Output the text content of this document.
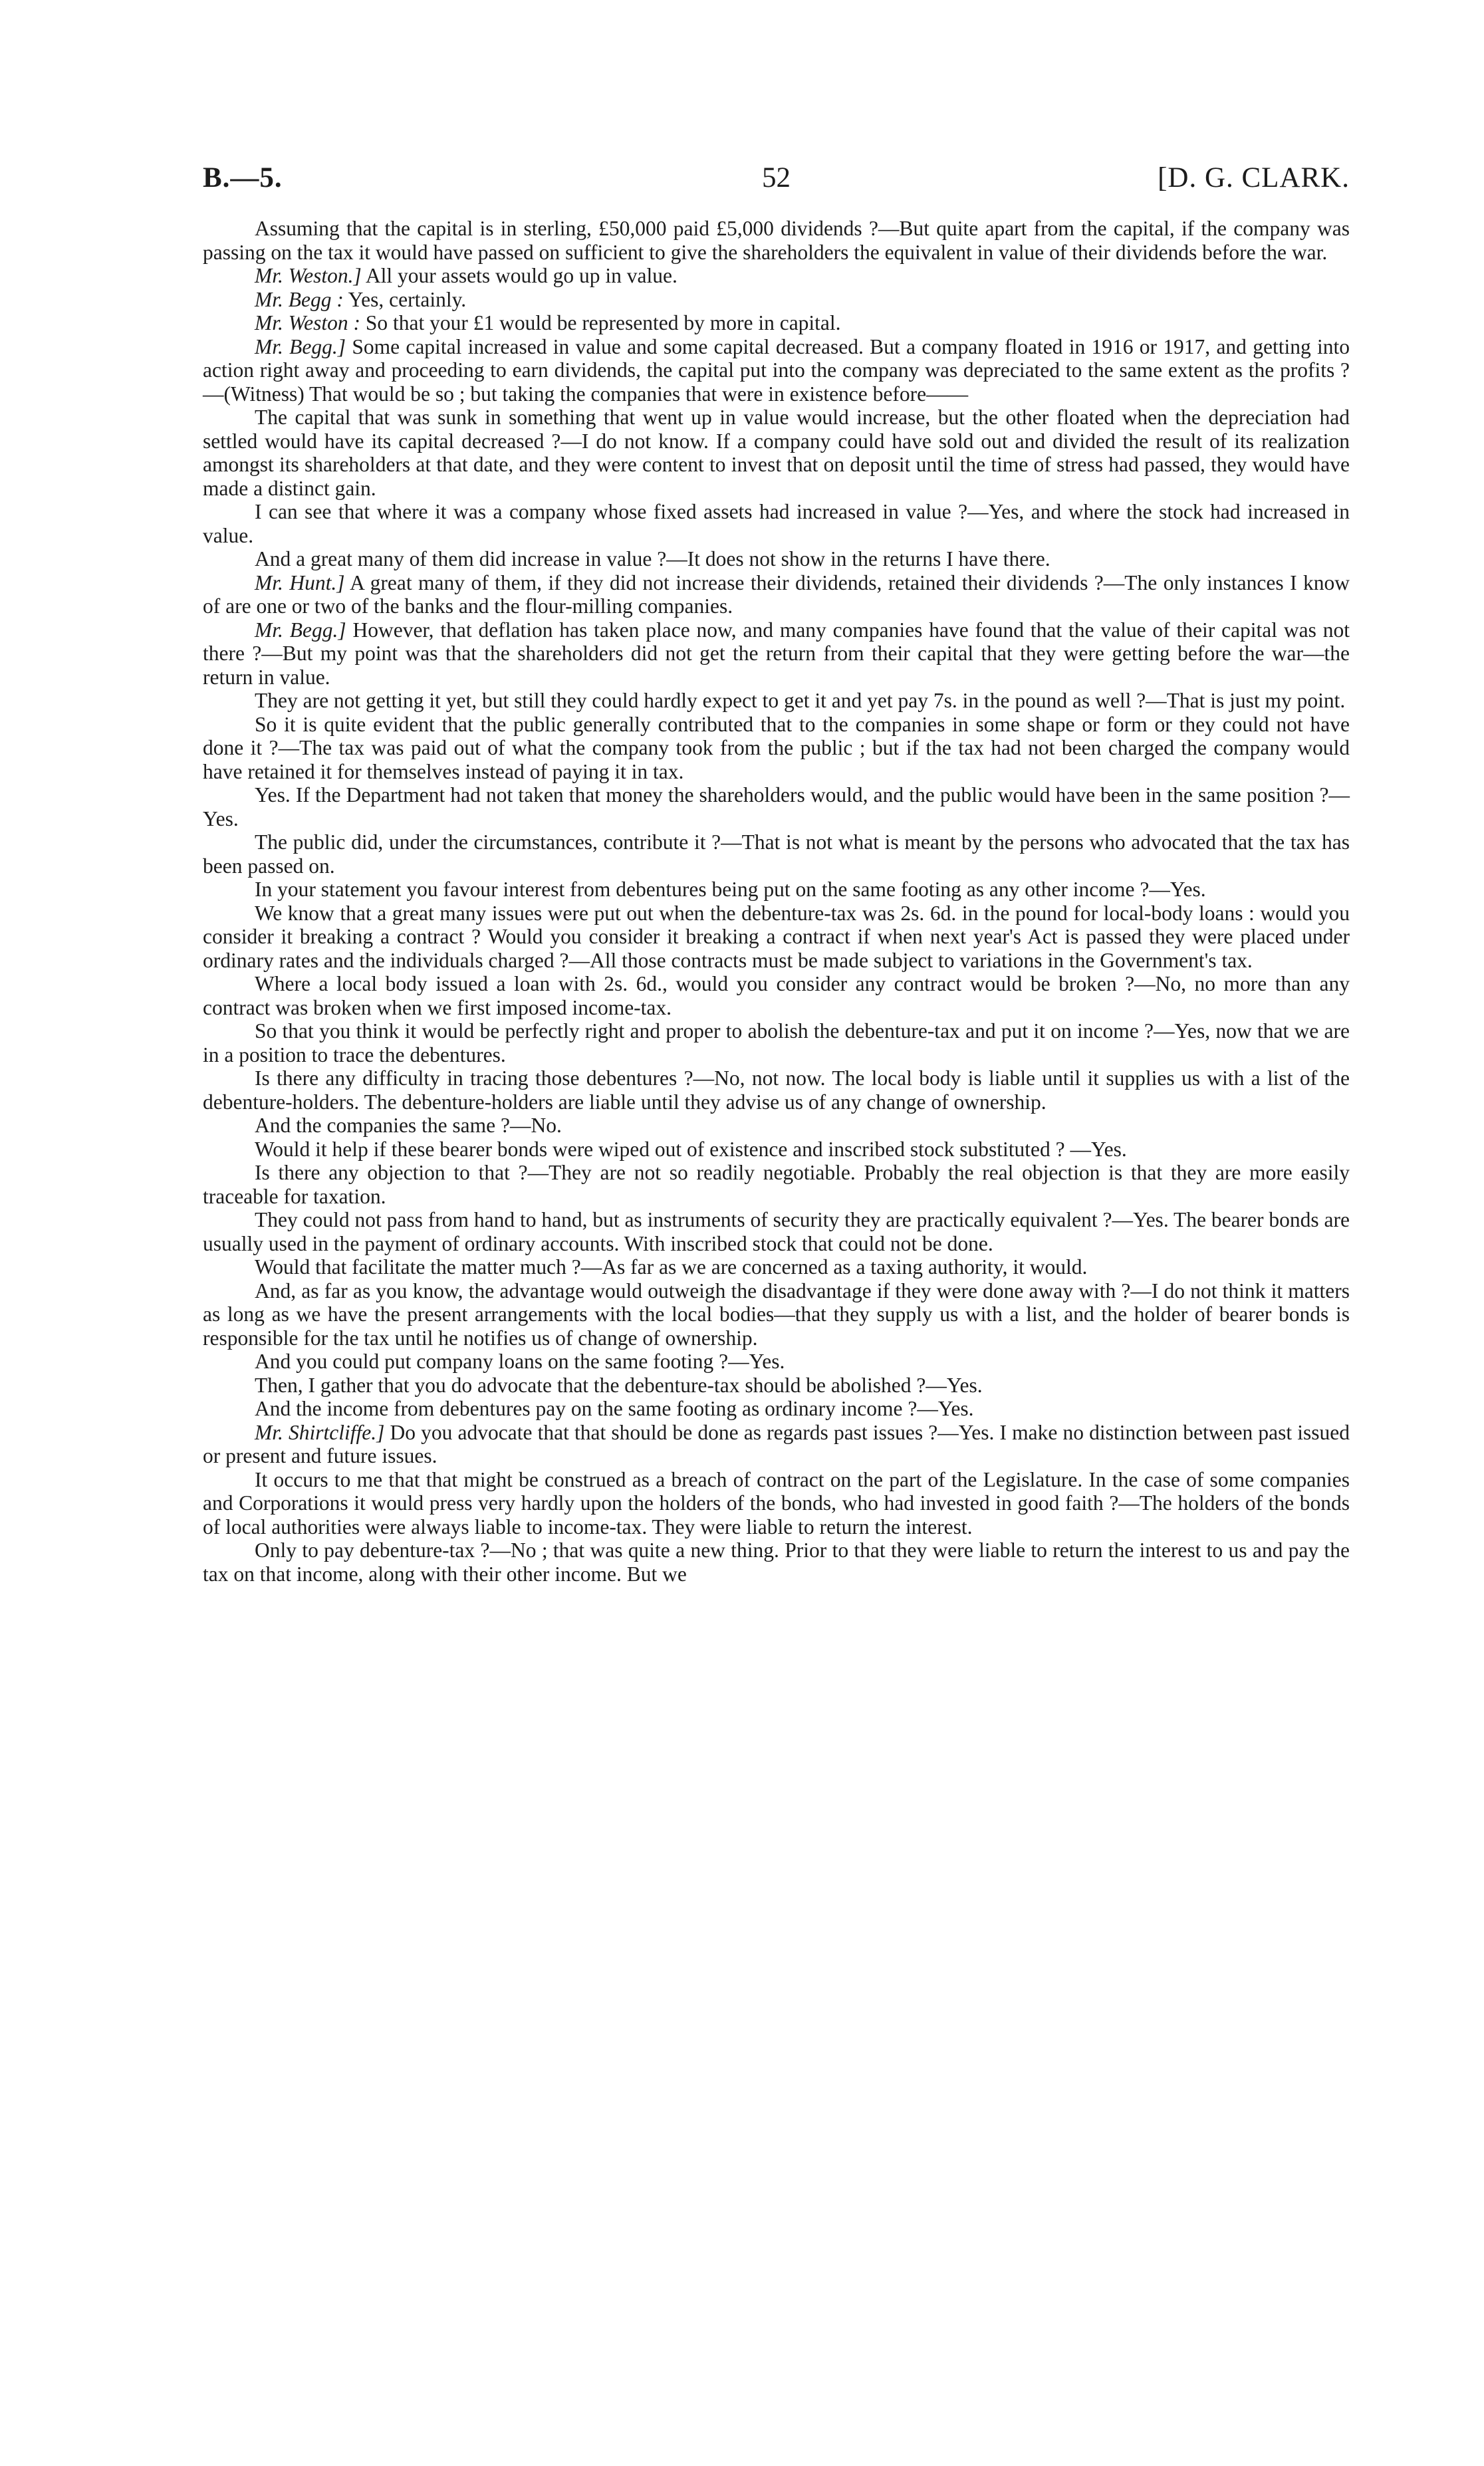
B.—5.	52	[D. G. CLARK.

Assuming that the capital is in sterling, £50,000 paid £5,000 dividends ?—But quite apart from the capital, if the company was passing on the tax it would have passed on sufficient to give the shareholders the equivalent in value of their dividends before the war.

Mr. Weston.] All your assets would go up in value.

Mr. Begg : Yes, certainly.

Mr. Weston : So that your £1 would be represented by more in capital.

Mr. Begg.] Some capital increased in value and some capital decreased. But a company floated in 1916 or 1917, and getting into action right away and proceeding to earn dividends, the capital put into the company was depreciated to the same extent as the profits ?—(Witness) That would be so ; but taking the companies that were in existence before——

The capital that was sunk in something that went up in value would increase, but the other floated when the depreciation had settled would have its capital decreased ?—I do not know. If a company could have sold out and divided the result of its realization amongst its shareholders at that date, and they were content to invest that on deposit until the time of stress had passed, they would have made a distinct gain.

I can see that where it was a company whose fixed assets had increased in value ?—Yes, and where the stock had increased in value.

And a great many of them did increase in value ?—It does not show in the returns I have there.

Mr. Hunt.] A great many of them, if they did not increase their dividends, retained their dividends ?—The only instances I know of are one or two of the banks and the flour-milling companies.

Mr. Begg.] However, that deflation has taken place now, and many companies have found that the value of their capital was not there ?—But my point was that the shareholders did not get the return from their capital that they were getting before the war—the return in value.

They are not getting it yet, but still they could hardly expect to get it and yet pay 7s. in the pound as well ?—That is just my point.

So it is quite evident that the public generally contributed that to the companies in some shape or form or they could not have done it ?—The tax was paid out of what the company took from the public ; but if the tax had not been charged the company would have retained it for themselves instead of paying it in tax.

Yes. If the Department had not taken that money the shareholders would, and the public would have been in the same position ?—Yes.

The public did, under the circumstances, contribute it ?—That is not what is meant by the persons who advocated that the tax has been passed on.

In your statement you favour interest from debentures being put on the same footing as any other income ?—Yes.

We know that a great many issues were put out when the debenture-tax was 2s. 6d. in the pound for local-body loans : would you consider it breaking a contract ? Would you consider it breaking a contract if when next year's Act is passed they were placed under ordinary rates and the individuals charged ?—All those contracts must be made subject to variations in the Government's tax.

Where a local body issued a loan with 2s. 6d., would you consider any contract would be broken ?—No, no more than any contract was broken when we first imposed income-tax.

So that you think it would be perfectly right and proper to abolish the debenture-tax and put it on income ?—Yes, now that we are in a position to trace the debentures.

Is there any difficulty in tracing those debentures ?—No, not now. The local body is liable until it supplies us with a list of the debenture-holders. The debenture-holders are liable until they advise us of any change of ownership.

And the companies the same ?—No.

Would it help if these bearer bonds were wiped out of existence and inscribed stock substituted ? —Yes.

Is there any objection to that ?—They are not so readily negotiable. Probably the real objection is that they are more easily traceable for taxation.

They could not pass from hand to hand, but as instruments of security they are practically equivalent ?—Yes. The bearer bonds are usually used in the payment of ordinary accounts. With inscribed stock that could not be done.

Would that facilitate the matter much ?—As far as we are concerned as a taxing authority, it would.

And, as far as you know, the advantage would outweigh the disadvantage if they were done away with ?—I do not think it matters as long as we have the present arrangements with the local bodies—that they supply us with a list, and the holder of bearer bonds is responsible for the tax until he notifies us of change of ownership.

And you could put company loans on the same footing ?—Yes.

Then, I gather that you do advocate that the debenture-tax should be abolished ?—Yes.

And the income from debentures pay on the same footing as ordinary income ?—Yes.

Mr. Shirtcliffe.] Do you advocate that that should be done as regards past issues ?—Yes. I make no distinction between past issued or present and future issues.

It occurs to me that that might be construed as a breach of contract on the part of the Legislature. In the case of some companies and Corporations it would press very hardly upon the holders of the bonds, who had invested in good faith ?—The holders of the bonds of local authorities were always liable to income-tax. They were liable to return the interest.

Only to pay debenture-tax ?—No ; that was quite a new thing. Prior to that they were liable to return the interest to us and pay the tax on that income, along with their other income. But we
